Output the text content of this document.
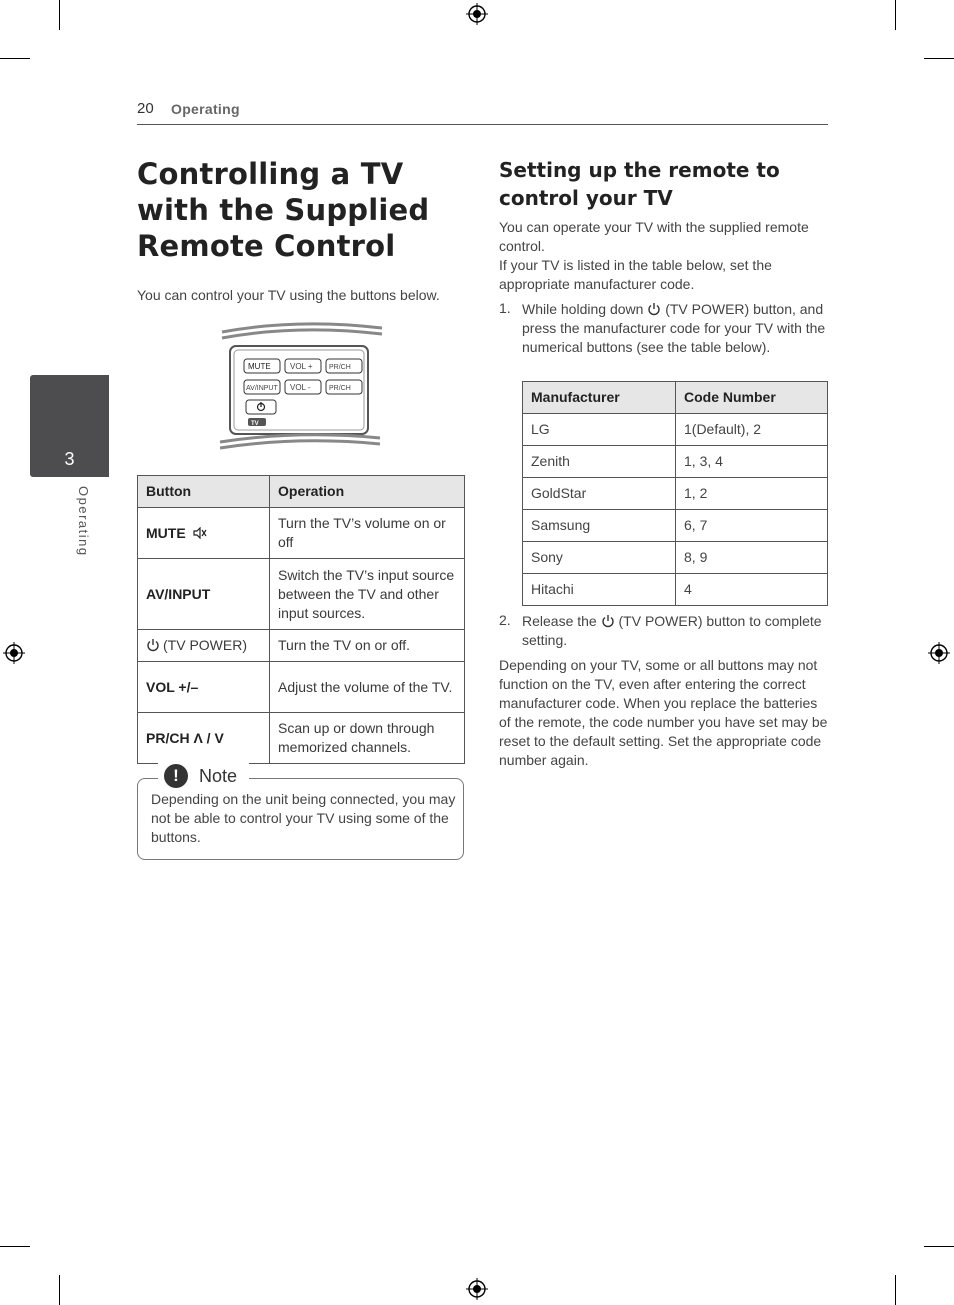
20 Operating
3
Operating
Controlling a TV with the Supplied Remote Control
You can control your TV using the buttons below.
MUTE VOL + PR/CH
AV/INPUT VOL -	PR/CH
TV
Button	Operation
MUTE	Turn the TV’s volume on or off
AV/INPUT	Switch the TV’s input source between the TV and other input sources.
(TV POWER)	Turn the TV on or off.
VOL +/–	Adjust the volume of the TV.
PR/CH Λ / V	Scan up or down through memorized channels.
!	Note
Depending on the unit being connected, you may not be able to control your TV using some of the buttons.
Setting up the remote to control your TV
You can operate your TV with the supplied remote control.
If your TV is listed in the table below, set the appropriate manufacturer code.
1. While holding down (TV POWER) button, and press the manufacturer code for your TV with the numerical buttons (see the table below).
Manufacturer	Code Number
LG	1(Default), 2
Zenith	1, 3, 4
GoldStar	1, 2
Samsung	6, 7
Sony	8, 9
Hitachi	4
2. Release the (TV POWER) button to complete setting.
Depending on your TV, some or all buttons may not function on the TV, even after entering the correct manufacturer code. When you replace the batteries of the remote, the code number you have set may be reset to the default setting. Set the appropriate code number again.
